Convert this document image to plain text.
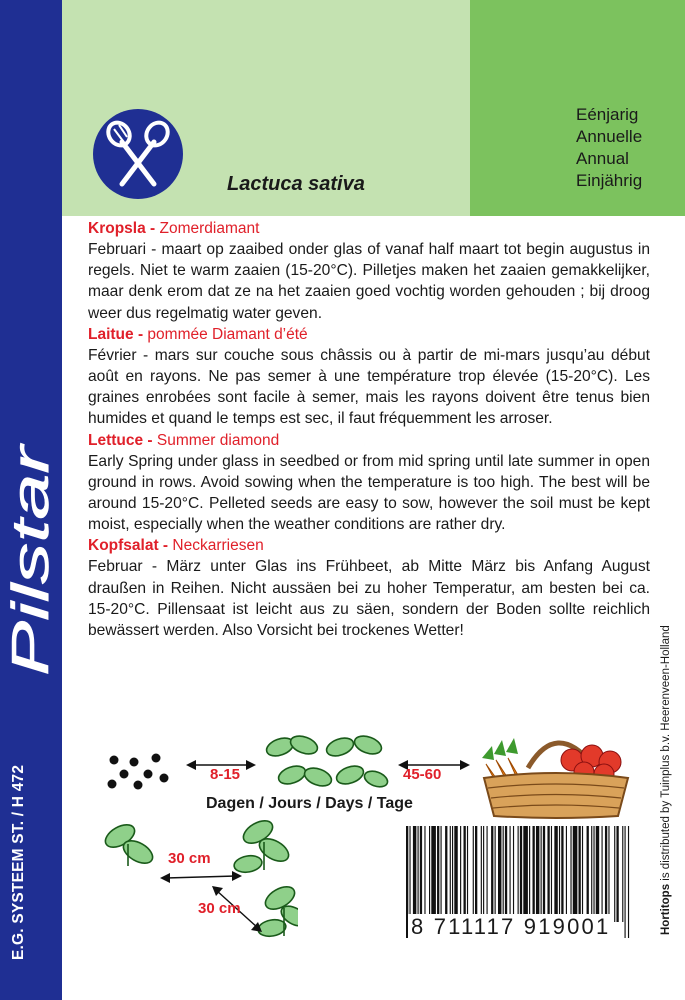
Pilstar
E.G. SYSTEEM ST. / H 472
Lactuca sativa
Eénjarig
Annuelle
Annual
Einjährig
Kropsla - Zomerdiamant
Februari - maart op zaaibed onder glas of vanaf half maart tot begin augustus in regels. Niet te warm zaaien (15-20°C). Pilletjes maken het zaaien gemakkelijker, maar denk erom dat ze na het zaaien goed vochtig worden gehouden ; bij droog weer dus regelmatig water geven.
Laitue - pommée Diamant d’été
Février - mars sur couche sous châssis ou à partir de mi-mars jusqu’au début août en rayons. Ne pas semer à une température trop élevée (15-20°C). Les graines enrobées sont facile à semer, mais les rayons doivent être tenus bien humides et quand le temps est sec, il faut fréquemment les arroser.
Lettuce - Summer diamond
Early Spring under glass in seedbed or from mid spring until late summer in open ground in rows. Avoid sowing when the temperature is too high. The best will be around 15-20°C. Pelleted seeds are easy to sow, however the soil must be kept moist, especially when the weather conditions are rather dry.
Kopfsalat - Neckarriesen
Februar - März unter Glas ins Frühbeet, ab Mitte März bis Anfang August draußen in Reihen. Nicht aussäen bei zu hoher Temperatur, am besten bei ca. 15-20°C. Pillensaat ist leicht aus zu säen, sondern der Boden sollte reichlich bewässert werden. Also Vorsicht bei trockenes Wetter!
8-15	45-60
Dagen / Jours / Days / Tage
30 cm
30 cm
8 711117 919001	Hortitops is distributed by Tuinplus b.v. Heerenveen-Holland
